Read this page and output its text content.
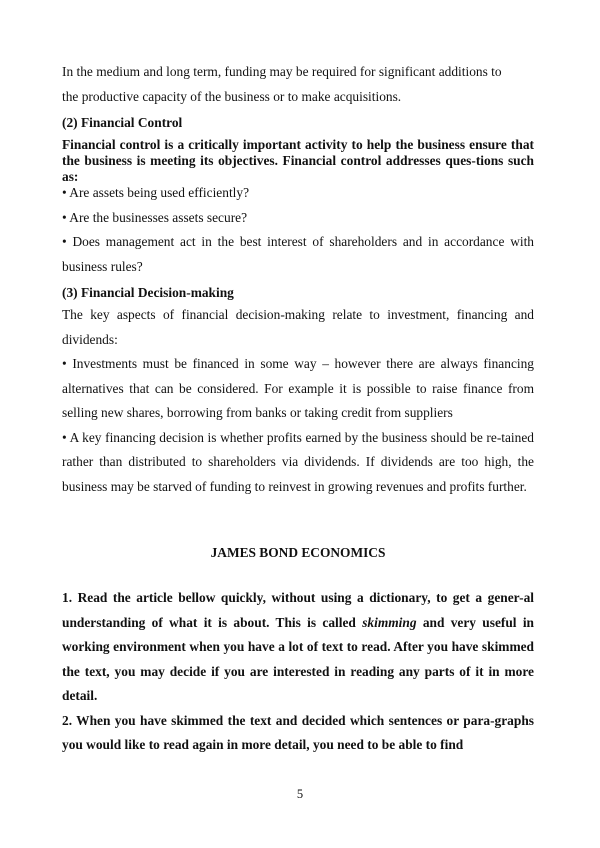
In the medium and long term, funding may be required for significant additions to

the productive capacity of the business or to make acquisitions.

(2) Financial Control

Financial control is a critically important activity to help the business ensure that the business is meeting its objectives. Financial control addresses ques-tions such as:

• Are assets being used efficiently?

• Are the businesses assets secure?

• Does management act in the best interest of shareholders and in accordance with business rules?

(3) Financial Decision-making

The key aspects of financial decision-making relate to investment, financing and dividends:

• Investments must be financed in some way – however there are always financing alternatives that can be considered. For example it is possible to raise finance from selling new shares, borrowing from banks or taking credit from suppliers

• A key financing decision is whether profits earned by the business should be re-tained rather than distributed to shareholders via dividends. If dividends are too high, the business may be starved of funding to reinvest in growing revenues and profits further.

JAMES BOND ECONOMICS

1. Read the article bellow quickly, without using a dictionary, to get a gener-al understanding of what it is about. This is called skimming and very useful in working environment when you have a lot of text to read. After you have skimmed the text, you may decide if you are interested in reading any parts of it in more detail.

2. When you have skimmed the text and decided which sentences or para-graphs you would like to read again in more detail, you need to be able to find

5
